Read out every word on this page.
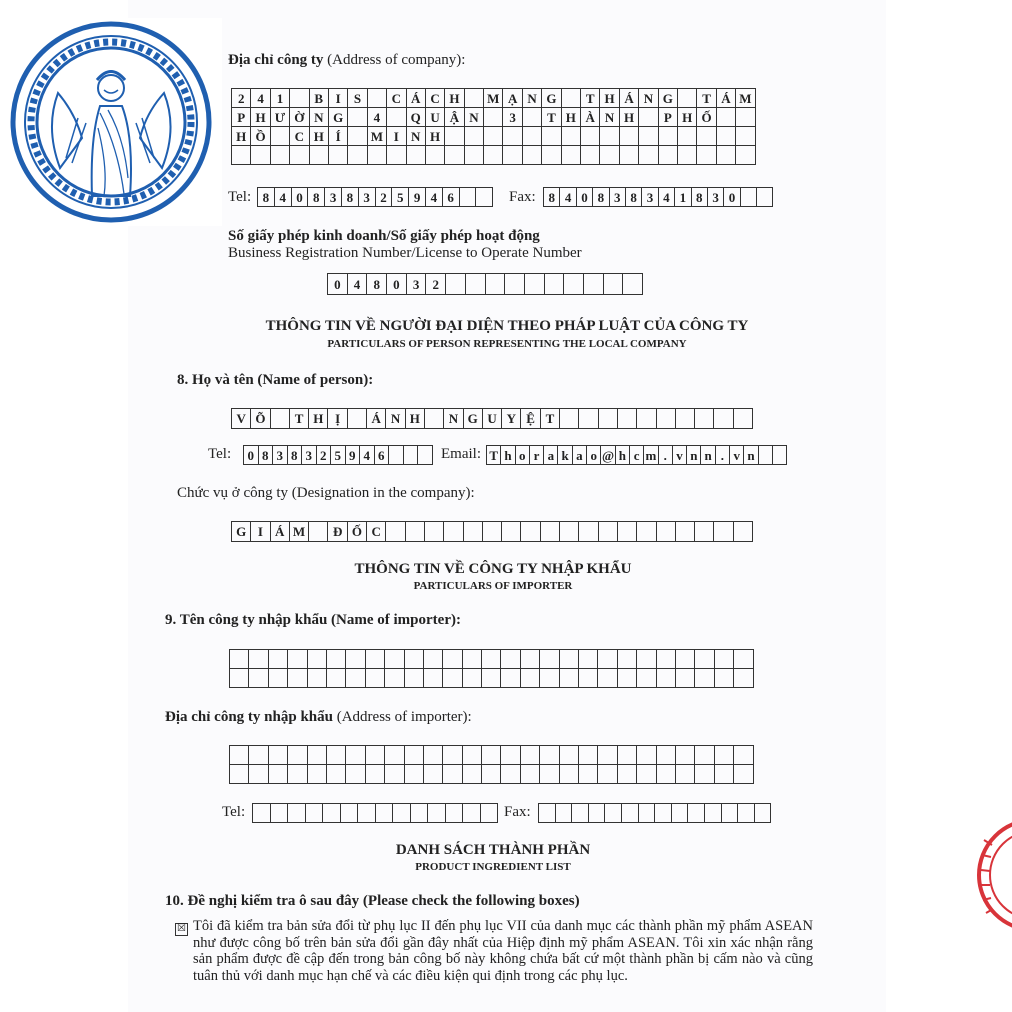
Địa chỉ công ty (Address of company):
2 4 1	B I	S	C Á C H	M Ạ N G	T H Á N G	T Á M
P H Ư Ờ N G	4	Q U Ậ N	3	T H À N H	P H Ố
H Ồ	C H Í	M I N H
Tel: 8 4 0 8 3 8 3 2 5 9 4 6	Fax: 8 4 0 8 3 8 3 4 1 8 3 0
Số giấy phép kinh doanh/Số giấy phép hoạt động
Business Registration Number/License to Operate Number
0	4	8	0	3	2
THÔNG TIN VỀ NGƯỜI ĐẠI DIỆN THEO PHÁP LUẬT CỦA CÔNG TY
PARTICULARS OF PERSON REPRESENTING THE LOCAL COMPANY
8. Họ và tên (Name of person):
V Õ	T H Ị	Á N H	N G U Y Ệ T
Tel: 0 8 3 8 3 2 5 9 4 6	Email: T h o r a k a o @ h c m . v n n . v n
Chức vụ ở công ty (Designation in the company):
G I Á M	Đ Ố C
THÔNG TIN VỀ CÔNG TY NHẬP KHẨU
PARTICULARS OF IMPORTER
9. Tên công ty nhập khẩu (Name of importer):
Địa chỉ công ty nhập khẩu (Address of importer):
Tel:	Fax:
DANH SÁCH THÀNH PHẦN
PRODUCT INGREDIENT LIST
10. Đề nghị kiểm tra ô sau đây (Please check the following boxes)
☒ Tôi đã kiểm tra bản sửa đổi từ phụ lục II đến phụ lục VII của danh mục các thành phần mỹ phẩm ASEAN như được công bố trên bản sửa đổi gần đây nhất của Hiệp định mỹ phẩm ASEAN. Tôi xin xác nhận rằng sản phẩm được đề cập đến trong bản công bố này không chứa bất cứ một thành phần bị cấm nào và cũng tuân thủ với danh mục hạn chế và các điều kiện qui định trong các phụ lục.
